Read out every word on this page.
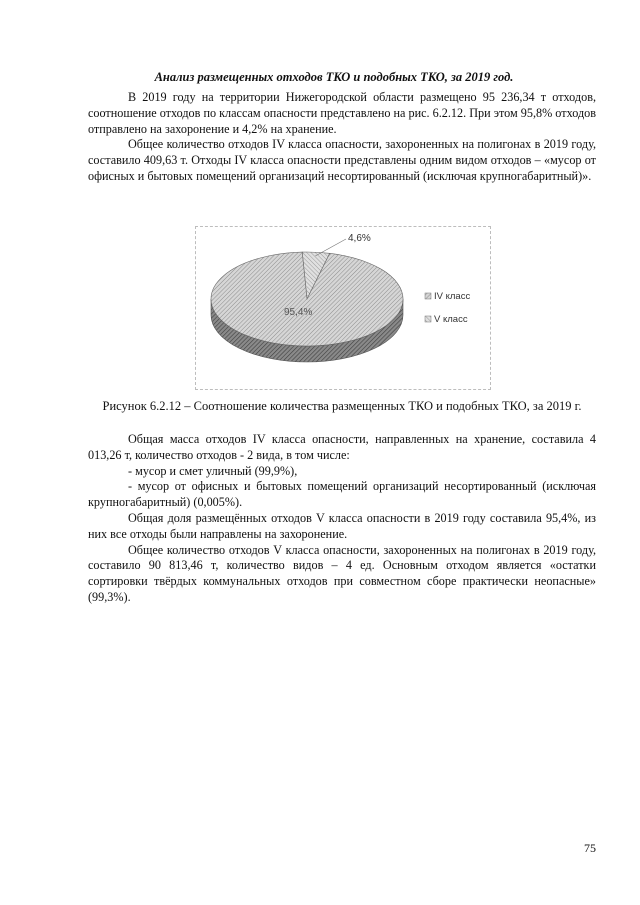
Анализ размещенных отходов ТКО и подобных ТКО, за 2019 год.

В 2019 году на территории Нижегородской области размещено 95 236,34 т отходов, соотношение отходов по классам опасности представлено на рис. 6.2.12. При этом 95,8% отходов отправлено на захоронение и 4,2% на хранение.

Общее количество отходов IV класса опасности, захороненных на полигонах в 2019 году, составило 409,63 т. Отходы IV класса опасности представлены одним видом отходов – «мусор от офисных и бытовых помещений организаций несортированный (исключая крупногабаритный)».

4,6%
95,4%
IV класс
V класс
Рисунок 6.2.12 – Соотношение количества размещенных ТКО и подобных ТКО, за 2019 г.

Общая масса отходов IV класса опасности, направленных на хранение, составила 4 013,26 т, количество отходов - 2 вида, в том числе:

- мусор и смет уличный (99,9%),

- мусор от офисных и бытовых помещений организаций несортированный (исключая крупногабаритный) (0,005%).

Общая доля размещённых отходов V класса опасности в 2019 году составила 95,4%, из них все отходы были направлены на захоронение.

Общее количество отходов V класса опасности, захороненных на полигонах в 2019 году, составило 90 813,46 т, количество видов – 4 ед. Основным отходом является «остатки сортировки твёрдых коммунальных отходов при совместном сборе практически неопасные» (99,3%).

75
